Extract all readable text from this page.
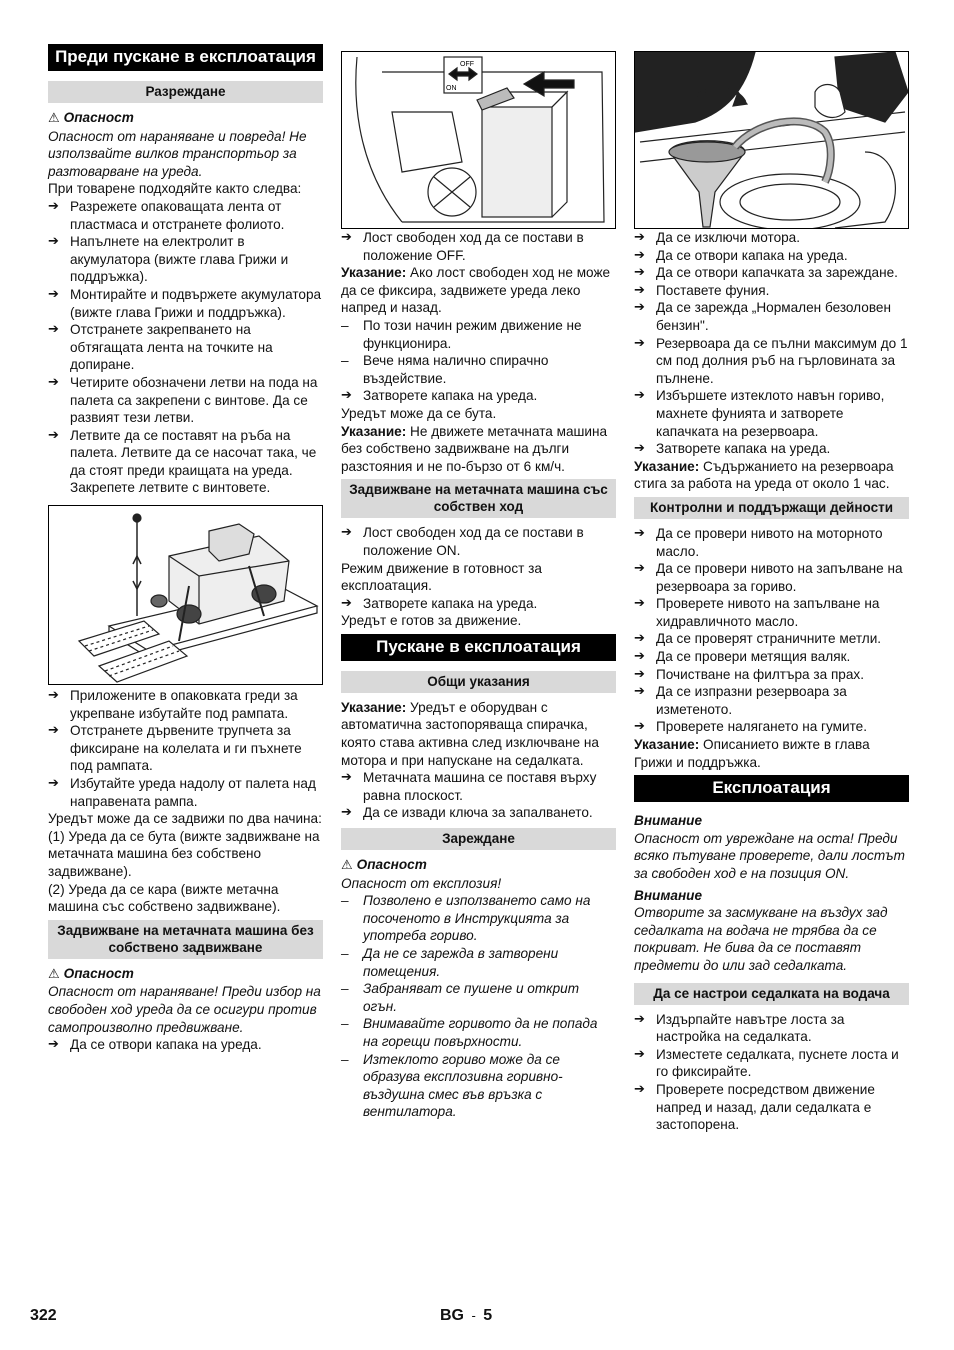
Преди пускане в експлоатация
Разреждане
⚠ Опасност
Опасност от нараняване и повреда! Не използвайте вилков транспортьор за разтоварване на уреда.
При товарене подходяйте както следва:
➔ Разрежете опаковащата лента от пластмаса и отстранете фолиото.
➔ Напълнете на електролит в акумулатора (вижте глава Грижи и поддръжка).
➔ Монтирайте и подвържете акумулатора (вижте глава Грижи и поддръжка).
➔ Отстранете закрепването на обтягащата лента на точките на допиране.
➔ Четирите обозначени летви на пода на палета са закрепени с винтове. Да се развият тези летви.
➔ Летвите да се поставят на ръба на палета. Летвите да се насочат така, че да стоят преди краищата на уреда. Закрепете летвите с винтовете.
➔ Приложените в опаковката греди за укрепване избутайте под рампата.
➔ Отстранете дървените трупчета за фиксиране на колелата и ги пъхнете под рампата.
➔ Избутайте уреда надолу от палета над направената рампа.
Уредът може да се задвижи по два начина:
(1) Уреда да се бута (вижте задвижване на метачната машина без собствено задвижване).
(2) Уреда да се кара (вижте метачна машина със собствено задвижване).
Задвижване на метачната машина без собствено задвижване
⚠ Опасност
Опасност от нараняване! Преди избор на свободен ход уреда да се осигури против самопроизволно предвижване.
➔ Да се отвори капака на уреда.
OFF
ON
➔ Лост свободен ход да се постави в положение OFF.
Указание: Ако лост свободен ход не може да се фиксира, задвижете уреда леко напред и назад.
– По този начин режим движение не функционира.
– Вече няма налично спирачно въздействие.
➔ Затворете капака на уреда.
Уредът може да се бута.
Указание: Не движете метачната машина без собствено задвижване на дълги разстояния и не по-бързо от 6 км/ч.
Задвижване на метачната машина със собствен ход
➔ Лост свободен ход да се постави в положение ON.
Режим движение в готовност за експлоатация.
➔ Затворете капака на уреда.
Уредът е готов за движение.
Пускане в експлоатация
Общи указания
Указание: Уредът е оборудван с автоматична застопоряваща спирачка, която става активна след изключване на мотора и при напускане на седалката.
➔ Метачната машина се поставя върху равна плоскост.
➔ Да се извади ключа за запалването.
Зареждане
⚠ Опасност
Опасност от експлозия!
– Позволено е използването само на посоченото в Инструкцията за употреба гориво.
– Да не се зарежда в затворени помещения.
– Забраняват се пушене и открит огън.
– Внимавайте горивото да не попада на горещи повърхности.
– Изтеклото гориво може да се образува експлозивна горивно-въздушна смес във връзка с вентилатора.
➔ Да се изключи мотора.
➔ Да се отвори капака на уреда.
➔ Да се отвори капачката за зареждане.
➔ Поставете фуния.
➔ Да се зарежда „Нормален безоловен бензин".
➔ Резервоара да се пълни максимум до 1 см под долния ръб на гърловината за пълнене.
➔ Избършете изтеклото навън гориво, махнете фунията и затворете капачката на резервоара.
➔ Затворете капака на уреда.
Указание: Съдържанието на резервоара стига за работа на уреда от около 1 час.
Контролни и поддържащи дейности
➔ Да се провери нивото на моторното масло.
➔ Да се провери нивото на запълване на резервоара за гориво.
➔ Проверете нивото на запълване на хидравличното масло.
➔ Да се проверят страничните метли.
➔ Да се провери метящия валяк.
➔ Почистване на филтъра за прах.
➔ Да се изпразни резервоара за изметеното.
➔ Проверете налягането на гумите.
Указание: Описанието вижте в глава Грижи и поддръжка.
Експлоатация
Внимание
Опасност от увреждане на оста! Преди всяко пътуване проверете, дали лостът за свободен ход е на позиция ON.
Внимание
Отворите за засмукване на въздух зад седалката на водача не трябва да се покриват. Не бива да се поставят предмети до или зад седалката.
Да се настрои седалката на водача
➔ Издърпайте навътре лоста за настройка на седалката.
➔ Изместете седалката, пуснете лоста и го фиксирайте.
➔ Проверете посредством движение напред и назад, дали седалката е застопорена.
322	BG - 5
